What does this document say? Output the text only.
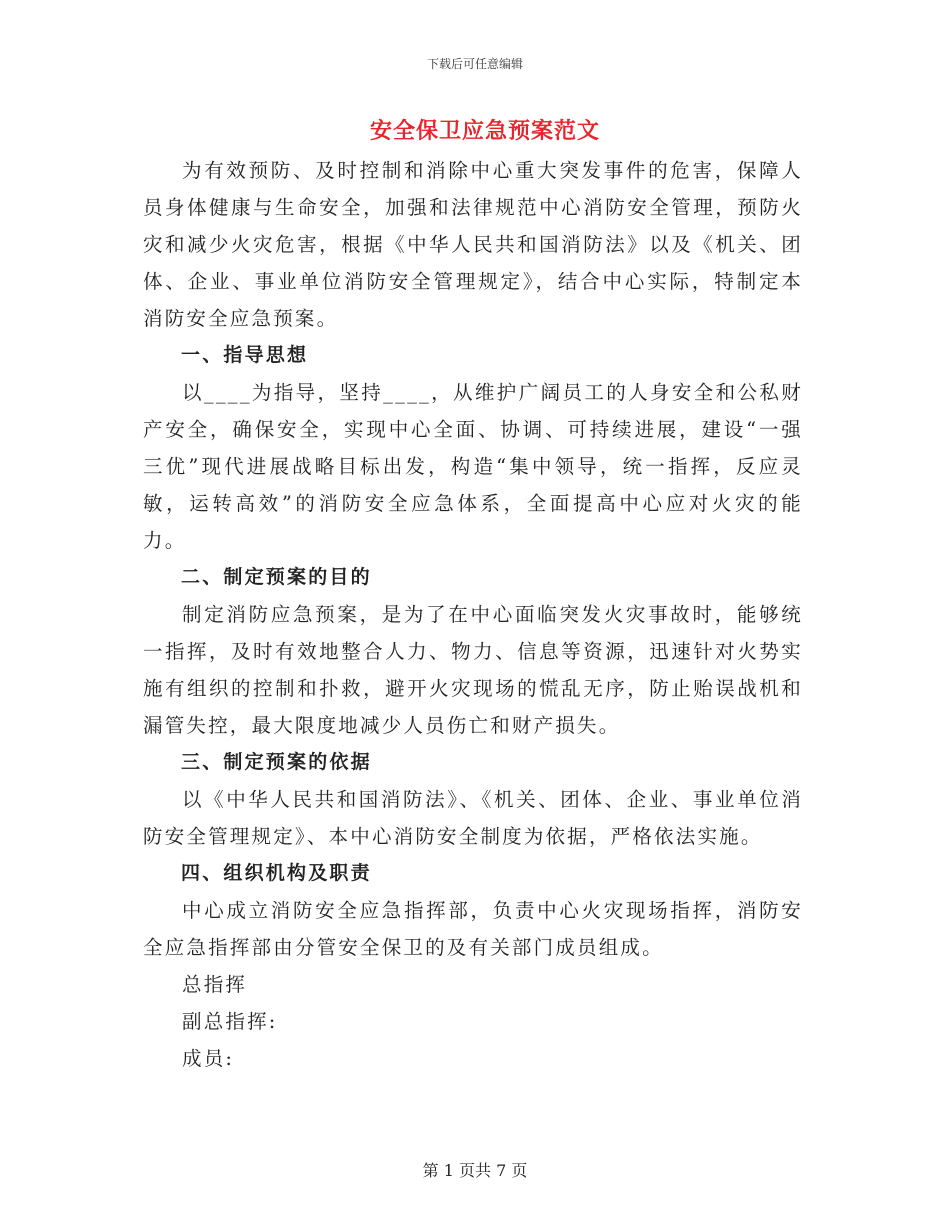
下载后可任意编辑
安全保卫应急预案范文

为有效预防、及时控制和消除中心重大突发事件的危害，保障人员身体健康与生命安全，加强和法律规范中心消防安全管理，预防火灾和减少火灾危害，根据《中华人民共和国消防法》以及《机关、团体、企业、事业单位消防安全管理规定》，结合中心实际，特制定本消防安全应急预案。

一、指导思想

以____为指导，坚持____，从维护广阔员工的人身安全和公私财产安全，确保安全，实现中心全面、协调、可持续进展，建设“一强三优”现代进展战略目标出发，构造“集中领导，统一指挥，反应灵敏，运转高效”的消防安全应急体系，全面提高中心应对火灾的能力。

二、制定预案的目的

制定消防应急预案，是为了在中心面临突发火灾事故时，能够统一指挥，及时有效地整合人力、物力、信息等资源，迅速针对火势实施有组织的控制和扑救，避开火灾现场的慌乱无序，防止贻误战机和漏管失控，最大限度地减少人员伤亡和财产损失。

三、制定预案的依据

以《中华人民共和国消防法》、《机关、团体、企业、事业单位消防安全管理规定》、本中心消防安全制度为依据，严格依法实施。

四、组织机构及职责

中心成立消防安全应急指挥部，负责中心火灾现场指挥，消防安全应急指挥部由分管安全保卫的及有关部门成员组成。

总指挥

副总指挥:

成员:

第 1 页共 7 页
